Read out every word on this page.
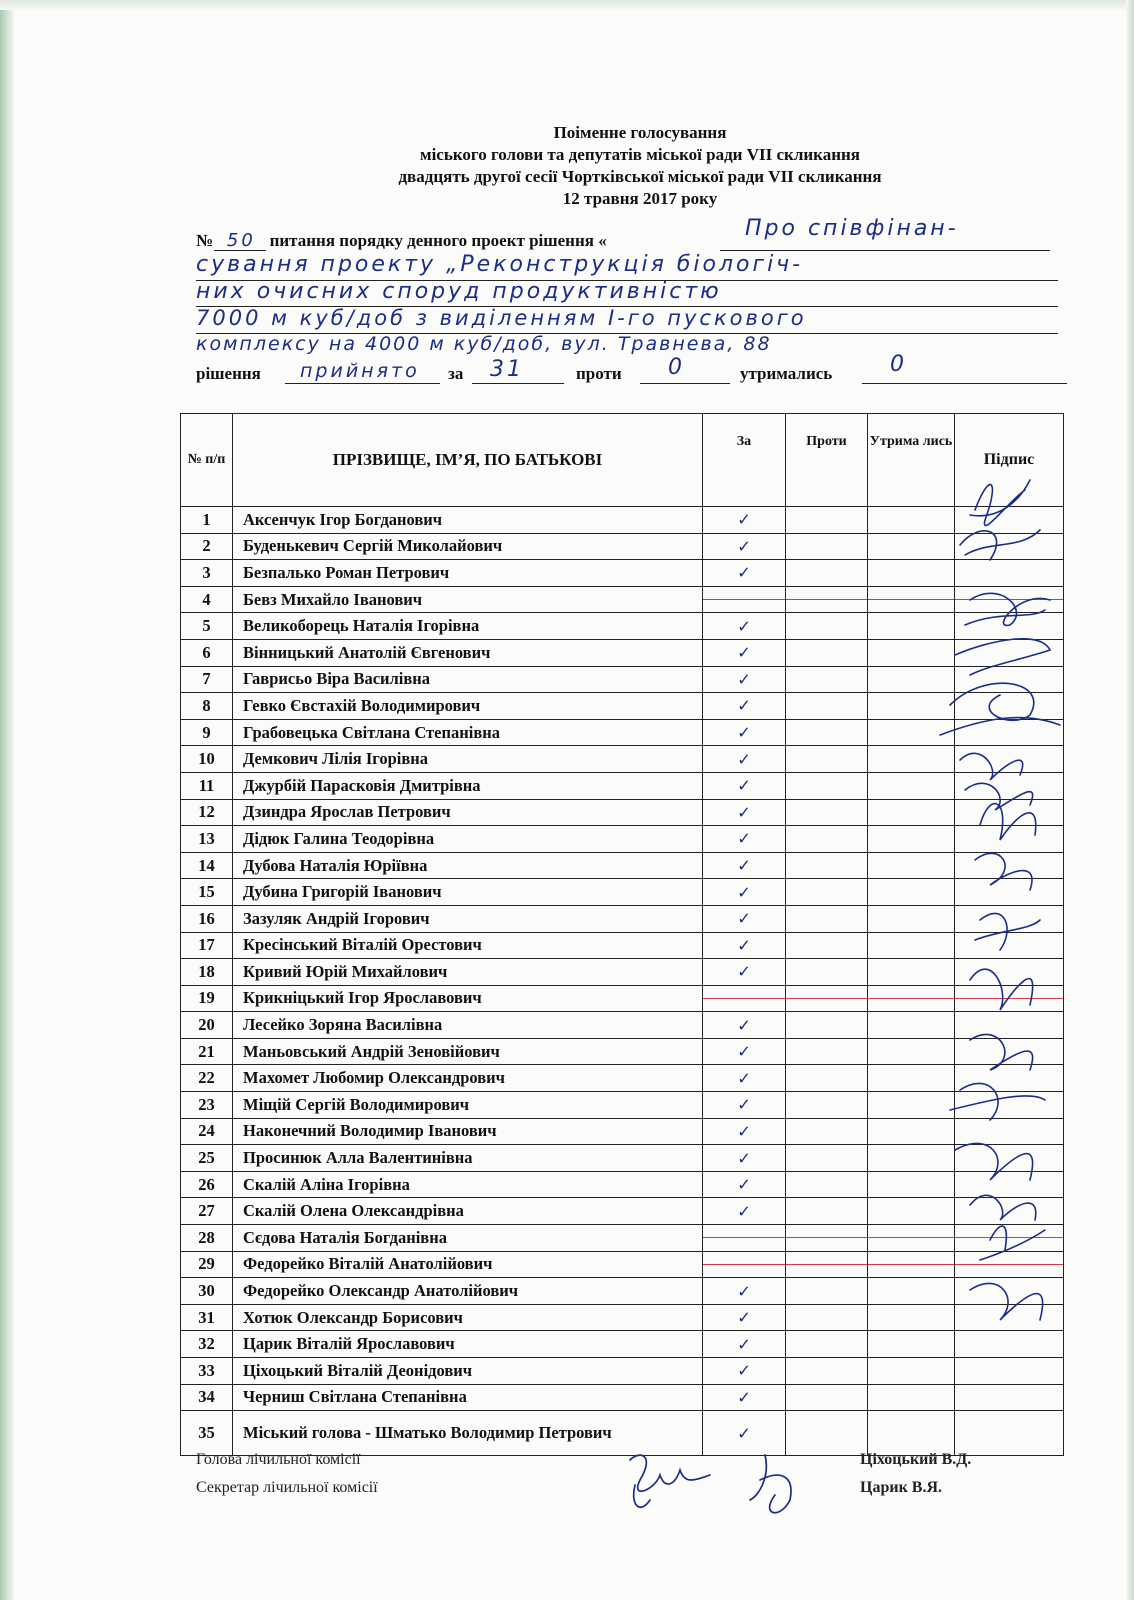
Поіменне голосування
міського голови та депутатів міської ради VII скликання
двадцять другої сесії Чортківської міської ради VII скликання
12 травня 2017 року
№ 50 питання порядку денного проект рішення «	Про співфінан-
сування проекту „Реконструкція біологіч-
них очисних споруд продуктивністю
7000 м куб/доб з виділенням І-го пускового
комплексу на 4000 м куб/доб, вул. Травнева, 88
рішення прийнято за 31	проти 0	утримались	0
№ п/п	ПРІЗВИЩЕ, ІМ’Я, ПО БАТЬКОВІ	За	Проти	Утрима лись	Підпис
1	Аксенчук Ігор Богданович	✓			
2	Буденькевич Сергій Миколайович	✓			
3	Безпалько Роман Петрович	✓			
4	Бевз Михайло Іванович	

5	Великоборець Наталія Ігорівна	✓			
6	Вінницький Анатолій Євгенович	✓			
7	Гаврисьо Віра Василівна	✓			
8	Гевко Євстахій Володимирович	✓			
9	Грабовецька Світлана Степанівна	✓			
10	Демкович Лілія Ігорівна	✓			
11	Джурбій Парасковія Дмитрівна	✓			
12	Дзиндра Ярослав Петрович	✓			
13	Дідюк Галина Теодорівна	✓			
14	Дубова Наталія Юріївна	✓			
15	Дубина Григорій Іванович	✓			
16	Зазуляк Андрій Ігорович	✓			
17	Кресінський Віталій Орестович	✓			
18	Кривий Юрій Михайлович	✓			
19	Крикніцький Ігор Ярославович	

20	Лесейко Зоряна Василівна	✓			
21	Маньовський Андрій Зеновійович	✓			
22	Махомет Любомир Олександрович	✓			
23	Міщій Сергій Володимирович	✓			
24	Наконечний Володимир Іванович	✓			
25	Просинюк Алла Валентинівна	✓			
26	Скалій Аліна Ігорівна	✓			
27	Скалій Олена Олександрівна	✓			
28	Сєдова Наталія Богданівна	

29	Федорейко Віталій Анатолійович	

30	Федорейко Олександр Анатолійович	✓			
31	Хотюк Олександр Борисович	✓			
32	Царик Віталій Ярославович	✓			
33	Ціхоцький Віталій Деонідович	✓			
34	Черниш Світлана Степанівна	✓			
35	Міський голова - Шматько Володимир Петрович	✓			
Голова лічильної комісії	Ціхоцький В.Д.
Секретар лічильної комісії	Царик В.Я.
